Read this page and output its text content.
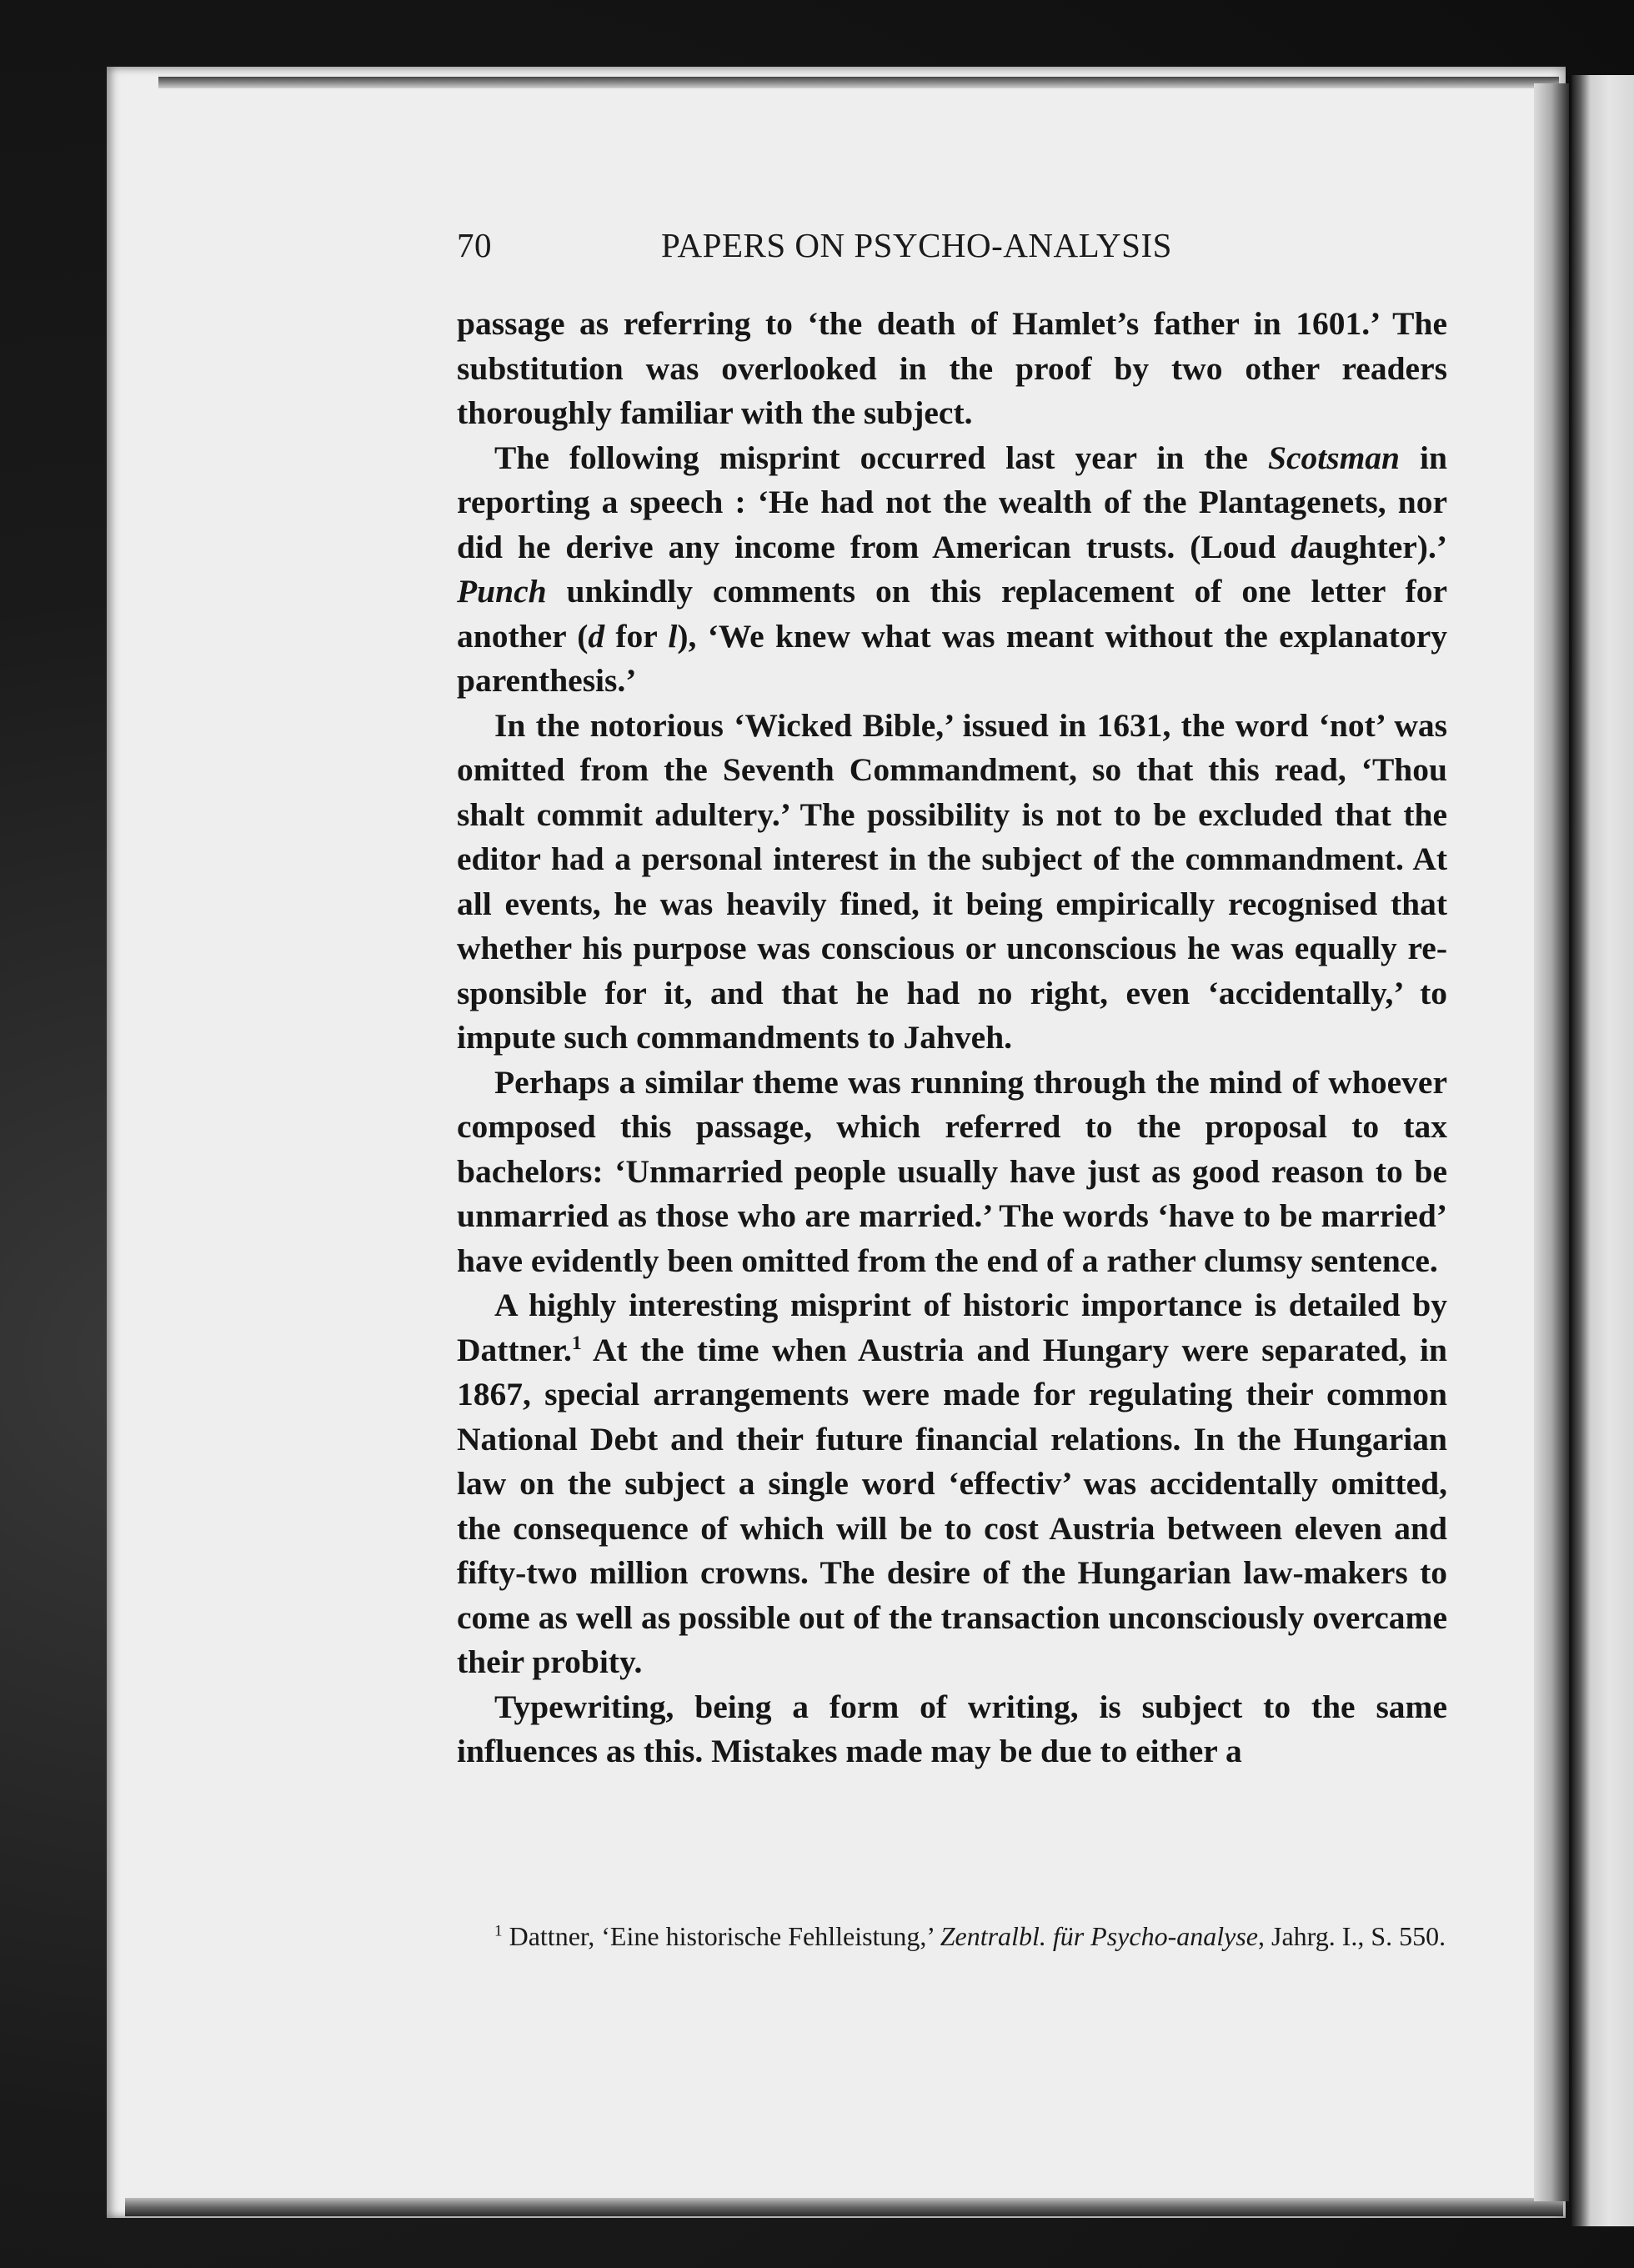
70	PAPERS ON PSYCHO-ANALYSIS

passage as referring to ‘the death of Hamlet’s father in 1601.’ The substitution was overlooked in the proof by two other readers thoroughly familiar with the subject.

The following misprint occurred last year in the Scotsman in reporting a speech : ‘He had not the wealth of the Plantagenets, nor did he derive any income from American trusts. (Loud daughter).’ Punch unkindly comments on this replacement of one letter for another (d for l), ‘We knew what was meant without the explanatory parenthesis.’

In the notorious ‘Wicked Bible,’ issued in 1631, the word ‘not’ was omitted from the Seventh Commandment, so that this read, ‘Thou shalt commit adultery.’ The possibility is not to be excluded that the editor had a personal interest in the subject of the commandment. At all events, he was heavily fined, it being empirically recognised that whether his purpose was conscious or unconscious he was equally re-sponsible for it, and that he had no right, even ‘accidentally,’ to impute such commandments to Jahveh.

Perhaps a similar theme was running through the mind of whoever composed this passage, which referred to the proposal to tax bachelors: ‘Unmarried people usually have just as good reason to be unmarried as those who are married.’ The words ‘have to be married’ have evidently been omitted from the end of a rather clumsy sentence.

A highly interesting misprint of historic importance is detailed by Dattner.$^1$ At the time when Austria and Hungary were separated, in 1867, special arrangements were made for regulating their common National Debt and their future financial relations. In the Hungarian law on the subject a single word ‘effectiv’ was accidentally omitted, the consequence of which will be to cost Austria between eleven and fifty-two million crowns. The desire of the Hungarian law-makers to come as well as possible out of the transaction unconsciously overcame their probity.

Typewriting, being a form of writing, is subject to the same influences as this. Mistakes made may be due to either a

$^1$ Dattner, ‘Eine historische Fehlleistung,’ Zentralbl. für Psycho-analyse, Jahrg. I., S. 550.
